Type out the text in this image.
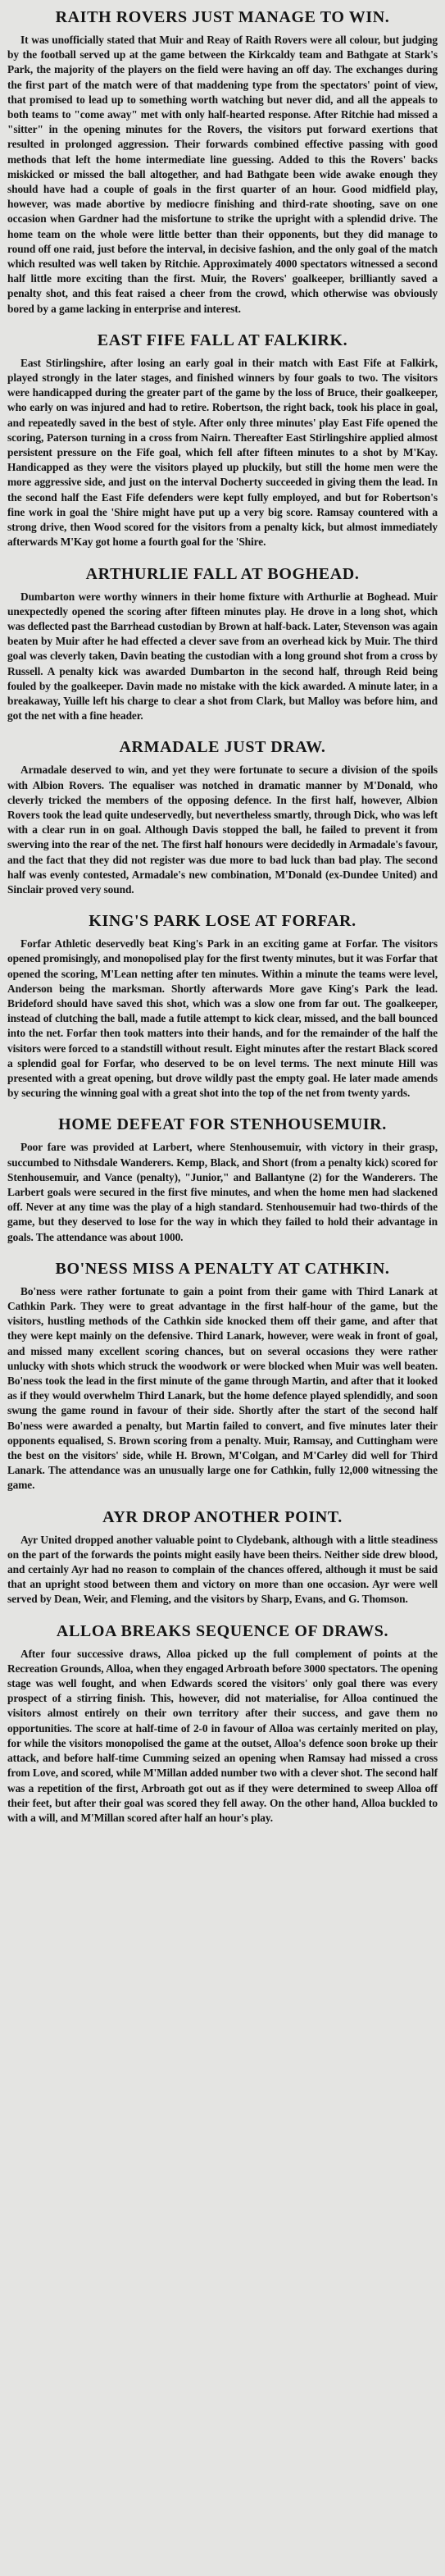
RAITH ROVERS JUST MANAGE TO WIN.

It was unofficially stated that Muir and Reay of Raith Rovers were all colour, but judging by the football served up at the game between the Kirkcaldy team and Bathgate at Stark's Park, the majority of the players on the field were having an off day. The exchanges during the first part of the match were of that maddening type from the spectators' point of view, that promised to lead up to something worth watching but never did, and all the appeals to both teams to "come away" met with only half-hearted response. After Ritchie had missed a "sitter" in the opening minutes for the Rovers, the visitors put forward exertions that resulted in prolonged aggression. Their forwards combined effective passing with good methods that left the home intermediate line guessing. Added to this the Rovers' backs miskicked or missed the ball altogether, and had Bathgate been wide awake enough they should have had a couple of goals in the first quarter of an hour. Good midfield play, however, was made abortive by mediocre finishing and third-rate shooting, save on one occasion when Gardner had the misfortune to strike the upright with a splendid drive. The home team on the whole were little better than their opponents, but they did manage to round off one raid, just before the interval, in decisive fashion, and the only goal of the match which resulted was well taken by Ritchie. Approximately 4000 spectators witnessed a second half little more exciting than the first. Muir, the Rovers' goalkeeper, brilliantly saved a penalty shot, and this feat raised a cheer from the crowd, which otherwise was obviously bored by a game lacking in enterprise and interest.

EAST FIFE FALL AT FALKIRK.

East Stirlingshire, after losing an early goal in their match with East Fife at Falkirk, played strongly in the later stages, and finished winners by four goals to two. The visitors were handicapped during the greater part of the game by the loss of Bruce, their goalkeeper, who early on was injured and had to retire. Robertson, the right back, took his place in goal, and repeatedly saved in the best of style. After only three minutes' play East Fife opened the scoring, Paterson turning in a cross from Nairn. Thereafter East Stirlingshire applied almost persistent pressure on the Fife goal, which fell after fifteen minutes to a shot by M'Kay. Handicapped as they were the visitors played up pluckily, but still the home men were the more aggressive side, and just on the interval Docherty succeeded in giving them the lead. In the second half the East Fife defenders were kept fully employed, and but for Robertson's fine work in goal the 'Shire might have put up a very big score. Ramsay countered with a strong drive, then Wood scored for the visitors from a penalty kick, but almost immediately afterwards M'Kay got home a fourth goal for the 'Shire.

ARTHURLIE FALL AT BOGHEAD.

Dumbarton were worthy winners in their home fixture with Arthurlie at Boghead. Muir unexpectedly opened the scoring after fifteen minutes play. He drove in a long shot, which was deflected past the Barrhead custodian by Brown at half-back. Later, Stevenson was again beaten by Muir after he had effected a clever save from an overhead kick by Muir. The third goal was cleverly taken, Davin beating the custodian with a long ground shot from a cross by Russell. A penalty kick was awarded Dumbarton in the second half, through Reid being fouled by the goalkeeper. Davin made no mistake with the kick awarded. A minute later, in a breakaway, Yuille left his charge to clear a shot from Clark, but Malloy was before him, and got the net with a fine header.

ARMADALE JUST DRAW.

Armadale deserved to win, and yet they were fortunate to secure a division of the spoils with Albion Rovers. The equaliser was notched in dramatic manner by M'Donald, who cleverly tricked the members of the opposing defence. In the first half, however, Albion Rovers took the lead quite undeservedly, but nevertheless smartly, through Dick, who was left with a clear run in on goal. Although Davis stopped the ball, he failed to prevent it from swerving into the rear of the net. The first half honours were decidedly in Armadale's favour, and the fact that they did not register was due more to bad luck than bad play. The second half was evenly contested, Armadale's new combination, M'Donald (ex-Dundee United) and Sinclair proved very sound.

KING'S PARK LOSE AT FORFAR.

Forfar Athletic deservedly beat King's Park in an exciting game at Forfar. The visitors opened promisingly, and monopolised play for the first twenty minutes, but it was Forfar that opened the scoring, M'Lean netting after ten minutes. Within a minute the teams were level, Anderson being the marksman. Shortly afterwards More gave King's Park the lead. Brideford should have saved this shot, which was a slow one from far out. The goalkeeper, instead of clutching the ball, made a futile attempt to kick clear, missed, and the ball bounced into the net. Forfar then took matters into their hands, and for the remainder of the half the visitors were forced to a standstill without result. Eight minutes after the restart Black scored a splendid goal for Forfar, who deserved to be on level terms. The next minute Hill was presented with a great opening, but drove wildly past the empty goal. He later made amends by securing the winning goal with a great shot into the top of the net from twenty yards.

HOME DEFEAT FOR STENHOUSEMUIR.

Poor fare was provided at Larbert, where Stenhousemuir, with victory in their grasp, succumbed to Nithsdale Wanderers. Kemp, Black, and Short (from a penalty kick) scored for Stenhousemuir, and Vance (penalty), "Junior," and Ballantyne (2) for the Wanderers. The Larbert goals were secured in the first five minutes, and when the home men had slackened off. Never at any time was the play of a high standard. Stenhousemuir had two-thirds of the game, but they deserved to lose for the way in which they failed to hold their advantage in goals. The attendance was about 1000.

BO'NESS MISS A PENALTY AT CATHKIN.

Bo'ness were rather fortunate to gain a point from their game with Third Lanark at Cathkin Park. They were to great advantage in the first half-hour of the game, but the visitors, hustling methods of the Cathkin side knocked them off their game, and after that they were kept mainly on the defensive. Third Lanark, however, were weak in front of goal, and missed many excellent scoring chances, but on several occasions they were rather unlucky with shots which struck the woodwork or were blocked when Muir was well beaten. Bo'ness took the lead in the first minute of the game through Martin, and after that it looked as if they would overwhelm Third Lanark, but the home defence played splendidly, and soon swung the game round in favour of their side. Shortly after the start of the second half Bo'ness were awarded a penalty, but Martin failed to convert, and five minutes later their opponents equalised, S. Brown scoring from a penalty. Muir, Ramsay, and Cuttingham were the best on the visitors' side, while H. Brown, M'Colgan, and M'Carley did well for Third Lanark. The attendance was an unusually large one for Cathkin, fully 12,000 witnessing the game.

AYR DROP ANOTHER POINT.

Ayr United dropped another valuable point to Clydebank, although with a little steadiness on the part of the forwards the points might easily have been theirs. Neither side drew blood, and certainly Ayr had no reason to complain of the chances offered, although it must be said that an upright stood between them and victory on more than one occasion. Ayr were well served by Dean, Weir, and Fleming, and the visitors by Sharp, Evans, and G. Thomson.

ALLOA BREAKS SEQUENCE OF DRAWS.

After four successive draws, Alloa picked up the full complement of points at the Recreation Grounds, Alloa, when they engaged Arbroath before 3000 spectators. The opening stage was well fought, and when Edwards scored the visitors' only goal there was every prospect of a stirring finish. This, however, did not materialise, for Alloa continued the visitors almost entirely on their own territory after their success, and gave them no opportunities. The score at half-time of 2-0 in favour of Alloa was certainly merited on play, for while the visitors monopolised the game at the outset, Alloa's defence soon broke up their attack, and before half-time Cumming seized an opening when Ramsay had missed a cross from Love, and scored, while M'Millan added number two with a clever shot. The second half was a repetition of the first, Arbroath got out as if they were determined to sweep Alloa off their feet, but after their goal was scored they fell away. On the other hand, Alloa buckled to with a will, and M'Millan scored after half an hour's play.
